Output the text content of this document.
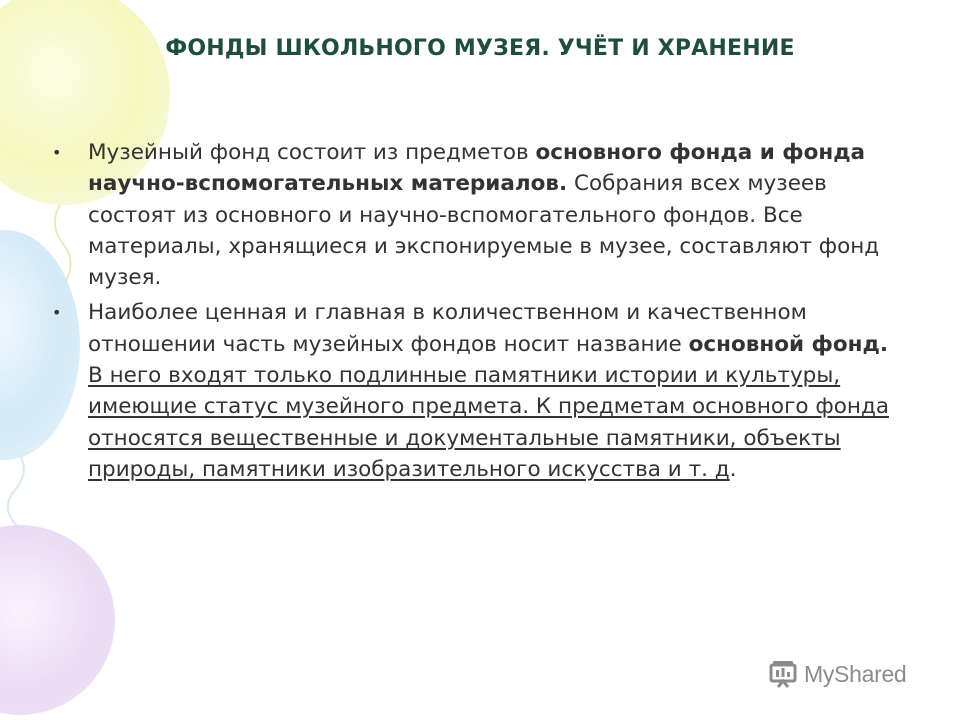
ФОНДЫ ШКОЛЬНОГО МУЗЕЯ. УЧЁТ И ХРАНЕНИЕ
• Музейный фонд состоит из предметов основного фонда и фонда научно-вспомогательных материалов. Собрания всех музеев состоят из основного и научно-вспомогательного фондов. Все материалы, хранящиеся и экспонируемые в музее, составляют фонд музея.
• Наиболее ценная и главная в количественном и качественном отношении часть музейных фондов носит название основной фонд. В него входят только подлинные памятники истории и культуры, имеющие статус музейного предмета. К предметам основного фонда относятся вещественные и документальные памятники, объекты природы, памятники изобразительного искусства и т. д.
MyShared
